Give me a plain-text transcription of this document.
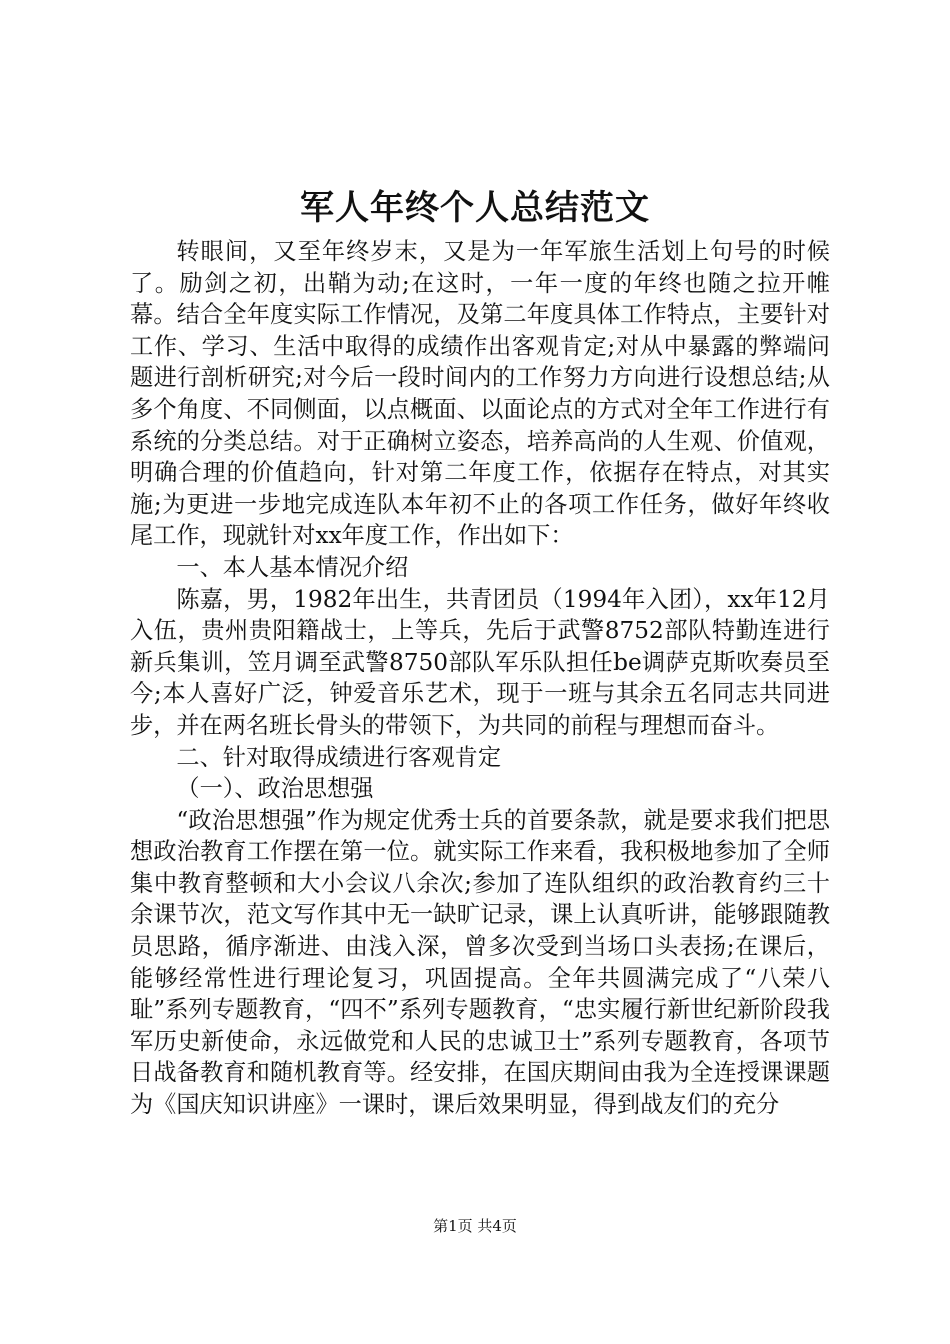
军人年终个人总结范文

转眼间，又至年终岁末，又是为一年军旅生活划上句号的时候了。励剑之初，出鞘为动;在这时，一年一度的年终也随之拉开帷幕。结合全年度实际工作情况，及第二年度具体工作特点，主要针对工作、学习、生活中取得的成绩作出客观肯定;对从中暴露的弊端问题进行剖析研究;对今后一段时间内的工作努力方向进行设想总结;从多个角度、不同侧面，以点概面、以面论点的方式对全年工作进行有系统的分类总结。对于正确树立姿态，培养高尚的人生观、价值观，明确合理的价值趋向，针对第二年度工作，依据存在特点，对其实施;为更进一步地完成连队本年初不止的各项工作任务，做好年终收尾工作，现就针对xx年度工作，作出如下：

一、本人基本情况介绍

陈嘉，男，1982年出生，共青团员（1994年入团），xx年12月入伍，贵州贵阳籍战士，上等兵，先后于武警8752部队特勤连进行新兵集训，笠月调至武警8750部队军乐队担任be调萨克斯吹奏员至今;本人喜好广泛，钟爱音乐艺术，现于一班与其余五名同志共同进步，并在两名班长骨头的带领下，为共同的前程与理想而奋斗。

二、针对取得成绩进行客观肯定

（一）、政治思想强

“政治思想强”作为规定优秀士兵的首要条款，就是要求我们把思想政治教育工作摆在第一位。就实际工作来看，我积极地参加了全师集中教育整顿和大小会议八余次;参加了连队组织的政治教育约三十余课节次，范文写作其中无一缺旷记录，课上认真听讲，能够跟随教员思路，循序渐进、由浅入深，曾多次受到当场口头表扬;在课后，能够经常性进行理论复习，巩固提高。全年共圆满完成了“八荣八耻”系列专题教育，“四不”系列专题教育，“忠实履行新世纪新阶段我军历史新使命，永远做党和人民的忠诚卫士”系列专题教育，各项节日战备教育和随机教育等。经安排，在国庆期间由我为全连授课课题为《国庆知识讲座》一课时，课后效果明显，得到战友们的充分

第1页 共4页
